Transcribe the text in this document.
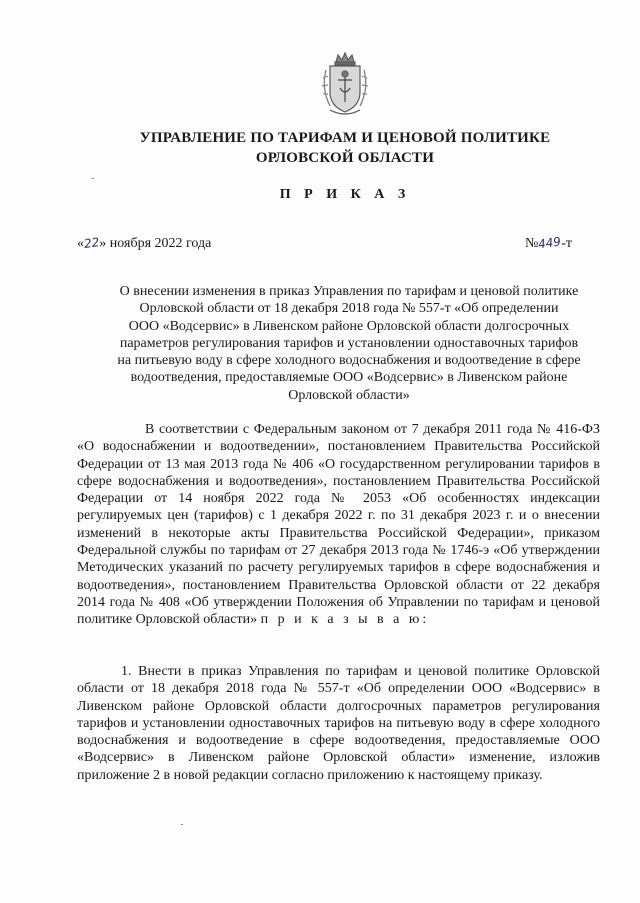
УПРАВЛЕНИЕ ПО ТАРИФАМ И ЦЕНОВОЙ ПОЛИТИКЕ
ОРЛОВСКОЙ ОБЛАСТИ
П Р И К А З
«22» ноября 2022 года	№449-т
О внесении изменения в приказ Управления по тарифам и ценовой политике
Орловской области от 18 декабря 2018 года № 557-т «Об определении
ООО «Водсервис» в Ливенском районе Орловской области долгосрочных
параметров регулирования тарифов и установлении одноставочных тарифов
на питьевую воду в сфере холодного водоснабжения и водоотведение в сфере
водоотведения, предоставляемые ООО «Водсервис» в Ливенском районе
Орловской области»
В соответствии с Федеральным законом от 7 декабря 2011 года № 416-ФЗ «О водоснабжении и водоотведении», постановлением Правительства Российской Федерации от 13 мая 2013 года № 406 «О государственном регулировании тарифов в сфере водоснабжения и водоотведения», постановлением Правительства Российской Федерации от 14 ноября 2022 года № 2053 «Об особенностях индексации регулируемых цен (тарифов) с 1 декабря 2022 г. по 31 декабря 2023 г. и о внесении изменений в некоторые акты Правительства Российской Федерации», приказом Федеральной службы по тарифам от 27 декабря 2013 года № 1746-э «Об утверждении Методических указаний по расчету регулируемых тарифов в сфере водоснабжения и водоотведения», постановлением Правительства Орловской области от 22 декабря 2014 года № 408 «Об утверждении Положения об Управлении по тарифам и ценовой политике Орловской области» п р и к а з ы в а ю:
1. Внести в приказ Управления по тарифам и ценовой политике Орловской области от 18 декабря 2018 года № 557-т «Об определении ООО «Водсервис» в Ливенском районе Орловской области долгосрочных параметров регулирования тарифов и установлении одноставочных тарифов на питьевую воду в сфере холодного водоснабжения и водоотведение в сфере водоотведения, предоставляемые ООО «Водсервис» в Ливенском районе Орловской области» изменение, изложив приложение 2 в новой редакции согласно приложению к настоящему приказу.
